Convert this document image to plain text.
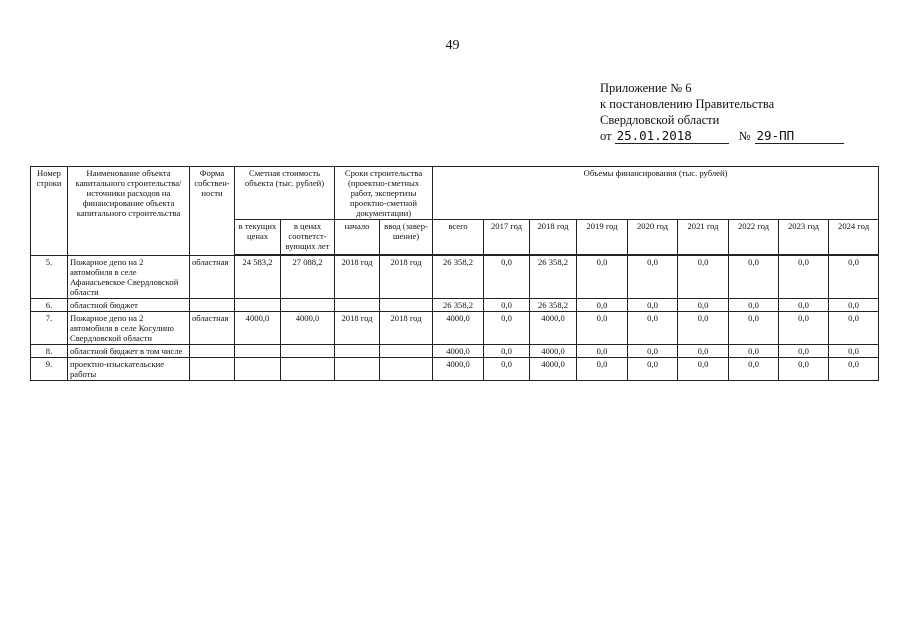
49
Приложение № 6
к постановлению Правительства
Свердловской области
от 25.01.2018	№ 29-ПП
Номер строки	Наименование объекта капитального строительства/ источники расходов на финансирование объекта капитального строительства	Форма собствен-ности	Сметная стоимость объекта (тыс. рублей)		Сроки строительства (проектно-сметных работ, экспертизы проектно-сметной документации)		Объемы финансирования (тыс. рублей)								
			в текущих ценах	в ценах соответст-вующих лет	начало	ввод (завер-шение)	всего	2017 год	2018 год	2019 год	2020 год	2021 год	2022 год	2023 год	2024 год
5.	Пожарное депо на 2 автомобиля в селе Афанасьевское Свердловской области	областная	24 583,2	27 088,2	2018 год	2018 год	26 358,2	0,0	26 358,2	0,0	0,0	0,0	0,0	0,0	0,0
6.	областной бюджет						26 358,2	0,0	26 358,2	0,0	0,0	0,0	0,0	0,0	0,0
7.	Пожарное депо на 2 автомобиля в селе Косулино Свердловской области	областная	4000,0	4000,0	2018 год	2018 год	4000,0	0,0	4000,0	0,0	0,0	0,0	0,0	0,0	0,0
8.	областной бюджет в том числе						4000,0	0,0	4000,0	0,0	0,0	0,0	0,0	0,0	0,0
9.	проектно-изыскательские работы						4000,0	0,0	4000,0	0,0	0,0	0,0	0,0	0,0	0,0
